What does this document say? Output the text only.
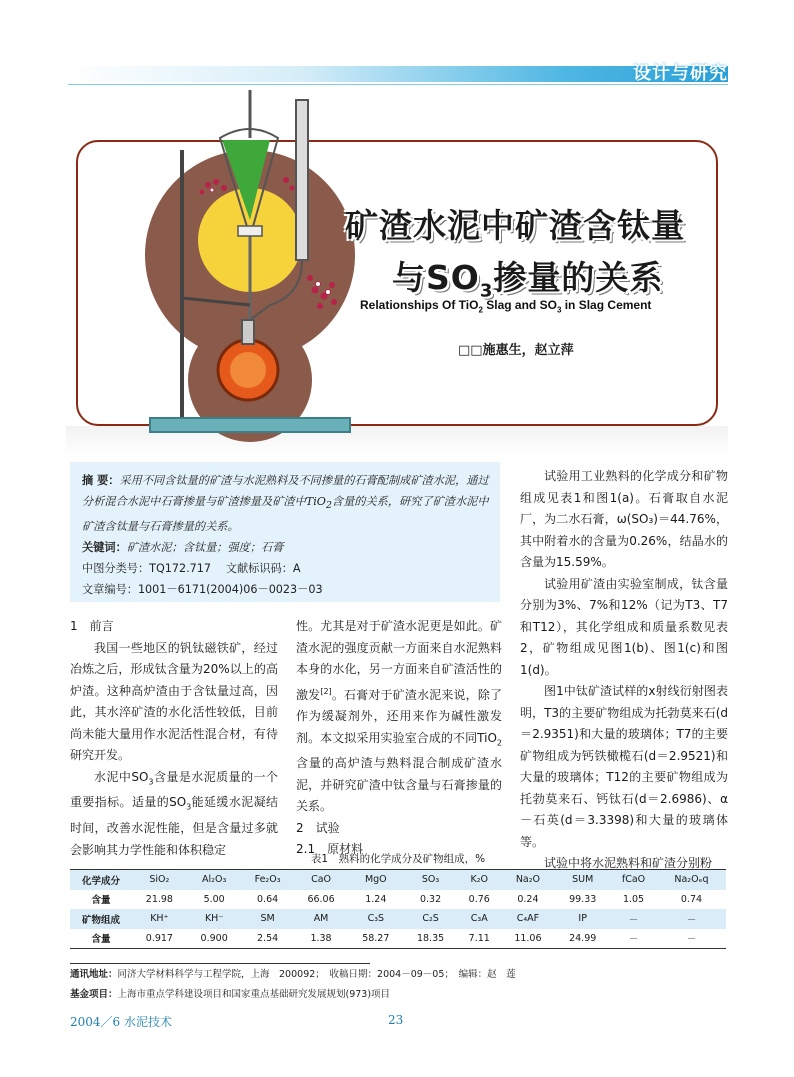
设计与研究
矿渣水泥中矿渣含钛量
与$SO_3$掺量的关系
Relationships Of TiO$_2$ Slag and $SO_3$ in Slag Cement
□□施惠生，赵立萍

摘 要：采用不同含钛量的矿渣与水泥熟料及不同掺量的石膏配制成矿渣水泥，通过分析混合水泥中石膏掺量与矿渣掺量及矿渣中TiO$_2$含量的关系，研究了矿渣水泥中矿渣含钛量与石膏掺量的关系。

关键词：矿渣水泥；含钛量；强度；石膏

中图分类号：TQ172.717　 文献标识码：A

文章编号：1001－6171(2004)06－0023－03

1　前言

我国一些地区的钒钛磁铁矿，经过冶炼之后，形成钛含量为20%以上的高炉渣。这种高炉渣由于含钛量过高，因此，其水淬矿渣的水化活性较低，目前尚未能大量用作水泥活性混合材，有待研究开发。

水泥中$SO_3$含量是水泥质量的一个重要指标。适量的$SO_3$能延缓水泥凝结时间，改善水泥性能，但是含量过多就会影响其力学性能和体积稳定

性。尤其是对于矿渣水泥更是如此。矿渣水泥的强度贡献一方面来自水泥熟料本身的水化，另一方面来自矿渣活性的激发[2]。石膏对于矿渣水泥来说，除了作为缓凝剂外，还用来作为碱性激发剂。本文拟采用实验室合成的不同TiO$_2$含量的高炉渣与熟料混合制成矿渣水泥，并研究矿渣中钛含量与石膏掺量的关系。

2　试验

2.1　原材料

试验用工业熟料的化学成分和矿物组成见表1和图1(a)。石膏取自水泥厂，为二水石膏，ω(SO₃)＝44.76%，其中附着水的含量为0.26%，结晶水的含量为15.59%。

试验用矿渣由实验室制成，钛含量分别为3%、7%和12%（记为T3、T7和T12），其化学组成和质量系数见表2，矿物组成见图1(b)、图1(c)和图1(d)。

图1中钛矿渣试样的x射线衍射图表明，T3的主要矿物组成为托勃莫来石(d＝2.9351)和大量的玻璃体；T7的主要矿物组成为钙铁橄榄石(d＝2.9521)和大量的玻璃体；T12的主要矿物组成为托勃莫来石、钙钛石(d＝2.6986)、α－石英(d＝3.3398)和大量的玻璃体等。

试验中将水泥熟料和矿渣分别粉

表1　熟料的化学成分及矿物组成，%
化学成分	SiO₂	Al₂O₃	Fe₂O₃	CaO	MgO	SO₃	K₂O	Na₂O	SUM	fCaO	Na₂Oₑq
含量	21.98	5.00	0.64	66.06	1.24	0.32	0.76	0.24	99.33	1.05	0.74
矿物组成	KH⁺	KH⁻	SM	AM	C₃S	C₂S	C₃A	C₄AF	IP	－	－
含量	0.917	0.900	2.54	1.38	58.27	18.35	7.11	11.06	24.99	－	－
通讯地址：同济大学材料科学与工程学院，上海　200092；　收稿日期：2004－09－05；　编辑：赵　莲
基金项目：上海市重点学科建设项目和国家重点基础研究发展规划(973)项目
2004／6 水泥技术	23
